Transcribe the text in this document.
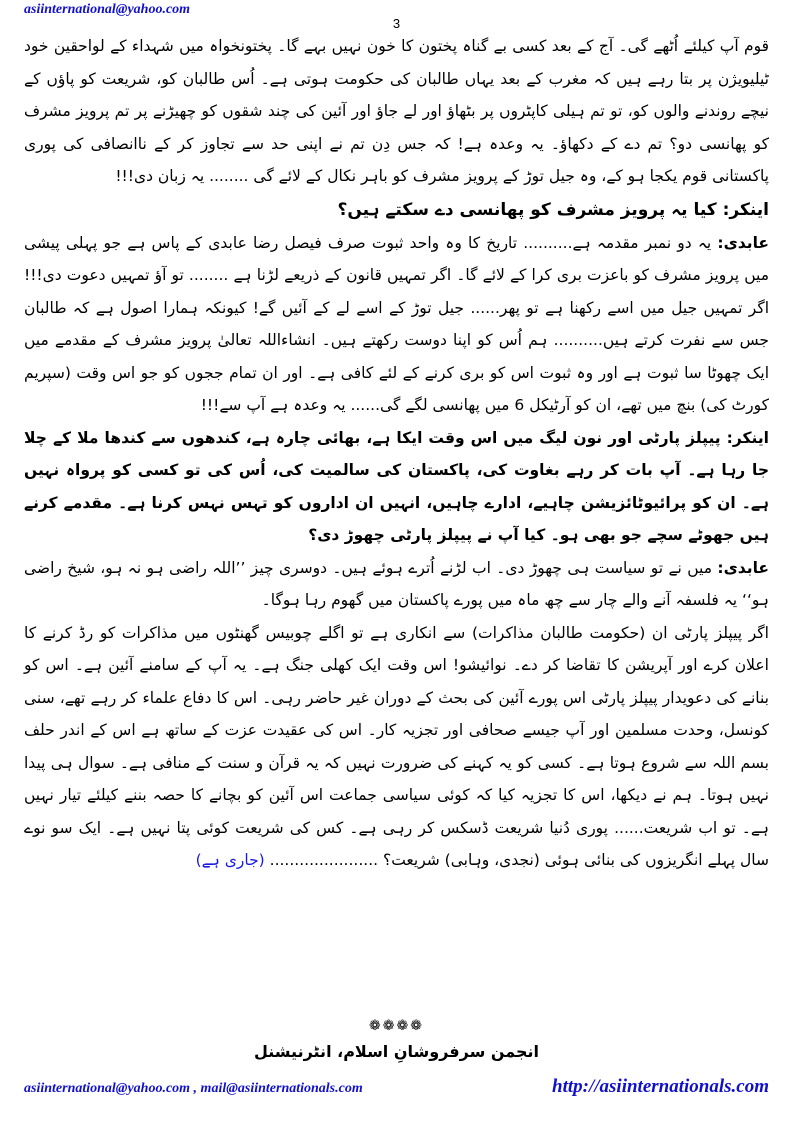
asiinternational@yahoo.com
3

قوم آپ کیلئے اُٹھے گی۔ آج کے بعد کسی بے گناہ پختون کا خون نہیں بہے گا۔ پختونخواہ میں شہداء کے لواحقین خود ٹیلیویژن پر بتا رہے ہیں کہ مغرب کے بعد یہاں طالبان کی حکومت ہوتی ہے۔ اُس طالبان کو، شریعت کو پاؤں کے نیچے روندنے والوں کو، تو تم ہیلی کاپٹروں پر بٹھاؤ اور لے جاؤ اور آئین کی چند شقوں کو چھیڑنے پر تم پرویز مشرف کو پھانسی دو؟ تم دے کے دکھاؤ۔ یہ وعدہ ہے! کہ جس دِن تم نے اپنی حد سے تجاوز کر کے ناانصافی کی پوری پاکستانی قوم یکجا ہو کے، وہ جیل توڑ کے پرویز مشرف کو باہر نکال کے لائے گی ........ یہ زبان دی!!!

اینکر: کیا یہ پرویز مشرف کو پھانسی دے سکتے ہیں؟

عابدی: یہ دو نمبر مقدمہ ہے.......... تاریخ کا وہ واحد ثبوت صرف فیصل رضا عابدی کے پاس ہے جو پہلی پیشی میں پرویز مشرف کو باعزت بری کرا کے لائے گا۔ اگر تمہیں قانون کے ذریعے لڑنا ہے ........ تو آؤ تمہیں دعوت دی!!! اگر تمہیں جیل میں اسے رکھنا ہے تو پھر...... جیل توڑ کے اسے لے کے آئیں گے! کیونکہ ہمارا اصول ہے کہ طالبان جس سے نفرت کرتے ہیں.......... ہم اُس کو اپنا دوست رکھتے ہیں۔ انشاءاللہ تعالیٰ پرویز مشرف کے مقدمے میں ایک چھوٹا سا ثبوت ہے اور وہ ثبوت اس کو بری کرنے کے لئے کافی ہے۔ اور ان تمام ججوں کو جو اس وقت (سپریم کورٹ کی) بنچ میں تھے، ان کو آرٹیکل 6 میں پھانسی لگے گی...... یہ وعدہ ہے آپ سے!!!

اینکر: پیپلز پارٹی اور نون لیگ میں اس وقت ایکا ہے، بھائی چارہ ہے، کندھوں سے کندھا ملا کے چلا جا رہا ہے۔ آپ بات کر رہے بغاوت کی، پاکستان کی سالمیت کی، اُس کی تو کسی کو پرواہ نہیں ہے۔ ان کو پرائیوٹائزیشن چاہیے، ادارے چاہیں، انہیں ان اداروں کو تہس نہس کرنا ہے۔ مقدمے کرنے ہیں جھوٹے سچے جو بھی ہو۔ کیا آپ نے پیپلز پارٹی چھوڑ دی؟

عابدی: میں نے تو سیاست ہی چھوڑ دی۔ اب لڑنے اُترے ہوئے ہیں۔ دوسری چیز ’’اللہ راضی ہو نہ ہو، شیخ راضی ہو‘‘ یہ فلسفہ آنے والے چار سے چھ ماہ میں پورے پاکستان میں گھوم رہا ہوگا۔

اگر پیپلز پارٹی ان (حکومت طالبان مذاکرات) سے انکاری ہے تو اگلے چوبیس گھنٹوں میں مذاکرات کو رڈ کرنے کا اعلان کرے اور آپریشن کا تقاضا کر دے۔ نوائیشو! اس وقت ایک کھلی جنگ ہے۔ یہ آپ کے سامنے آئین ہے۔ اس کو بنانے کی دعویدار پیپلز پارٹی اس پورے آئین کی بحث کے دوران غیر حاضر رہی۔ اس کا دفاع علماء کر رہے تھے، سنی کونسل، وحدت مسلمین اور آپ جیسے صحافی اور تجزیہ کار۔ اس کی عقیدت عزت کے ساتھ ہے اس کے اندر حلف بسم اللہ سے شروع ہوتا ہے۔ کسی کو یہ کہنے کی ضرورت نہیں کہ یہ قرآن و سنت کے منافی ہے۔ سوال ہی پیدا نہیں ہوتا۔ ہم نے دیکھا، اس کا تجزیہ کیا کہ کوئی سیاسی جماعت اس آئین کو بچانے کا حصہ بننے کیلئے تیار نہیں ہے۔ تو اب شریعت...... پوری دُنیا شریعت ڈسکس کر رہی ہے۔ کس کی شریعت کوئی پتا نہیں ہے۔ ایک سو نوے سال پہلے انگریزوں کی بنائی ہوئی (نجدی، وہابی) شریعت؟ ...................... (جاری ہے)

❁❁❁❁
انجمن سرفروشانِ اسلام، انٹرنیشنل
asiinternational@yahoo.com , mail@asiinternationals.com	http://asiinternationals.com
